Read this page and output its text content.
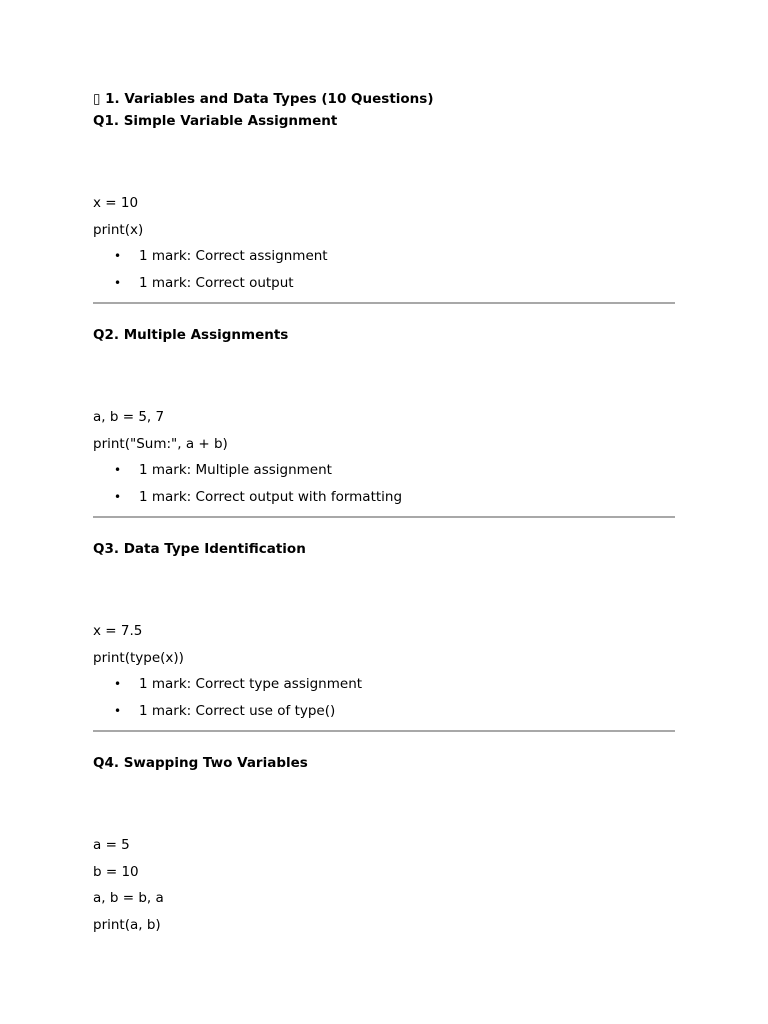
▯ 1. Variables and Data Types (10 Questions)
Q1. Simple Variable Assignment
x = 10
print(x)
• 1 mark: Correct assignment
• 1 mark: Correct output
Q2. Multiple Assignments
a, b = 5, 7
print("Sum:", a + b)
• 1 mark: Multiple assignment
• 1 mark: Correct output with formatting
Q3. Data Type Identification
x = 7.5
print(type(x))
• 1 mark: Correct type assignment
• 1 mark: Correct use of type()
Q4. Swapping Two Variables
a = 5
b = 10
a, b = b, a
print(a, b)
